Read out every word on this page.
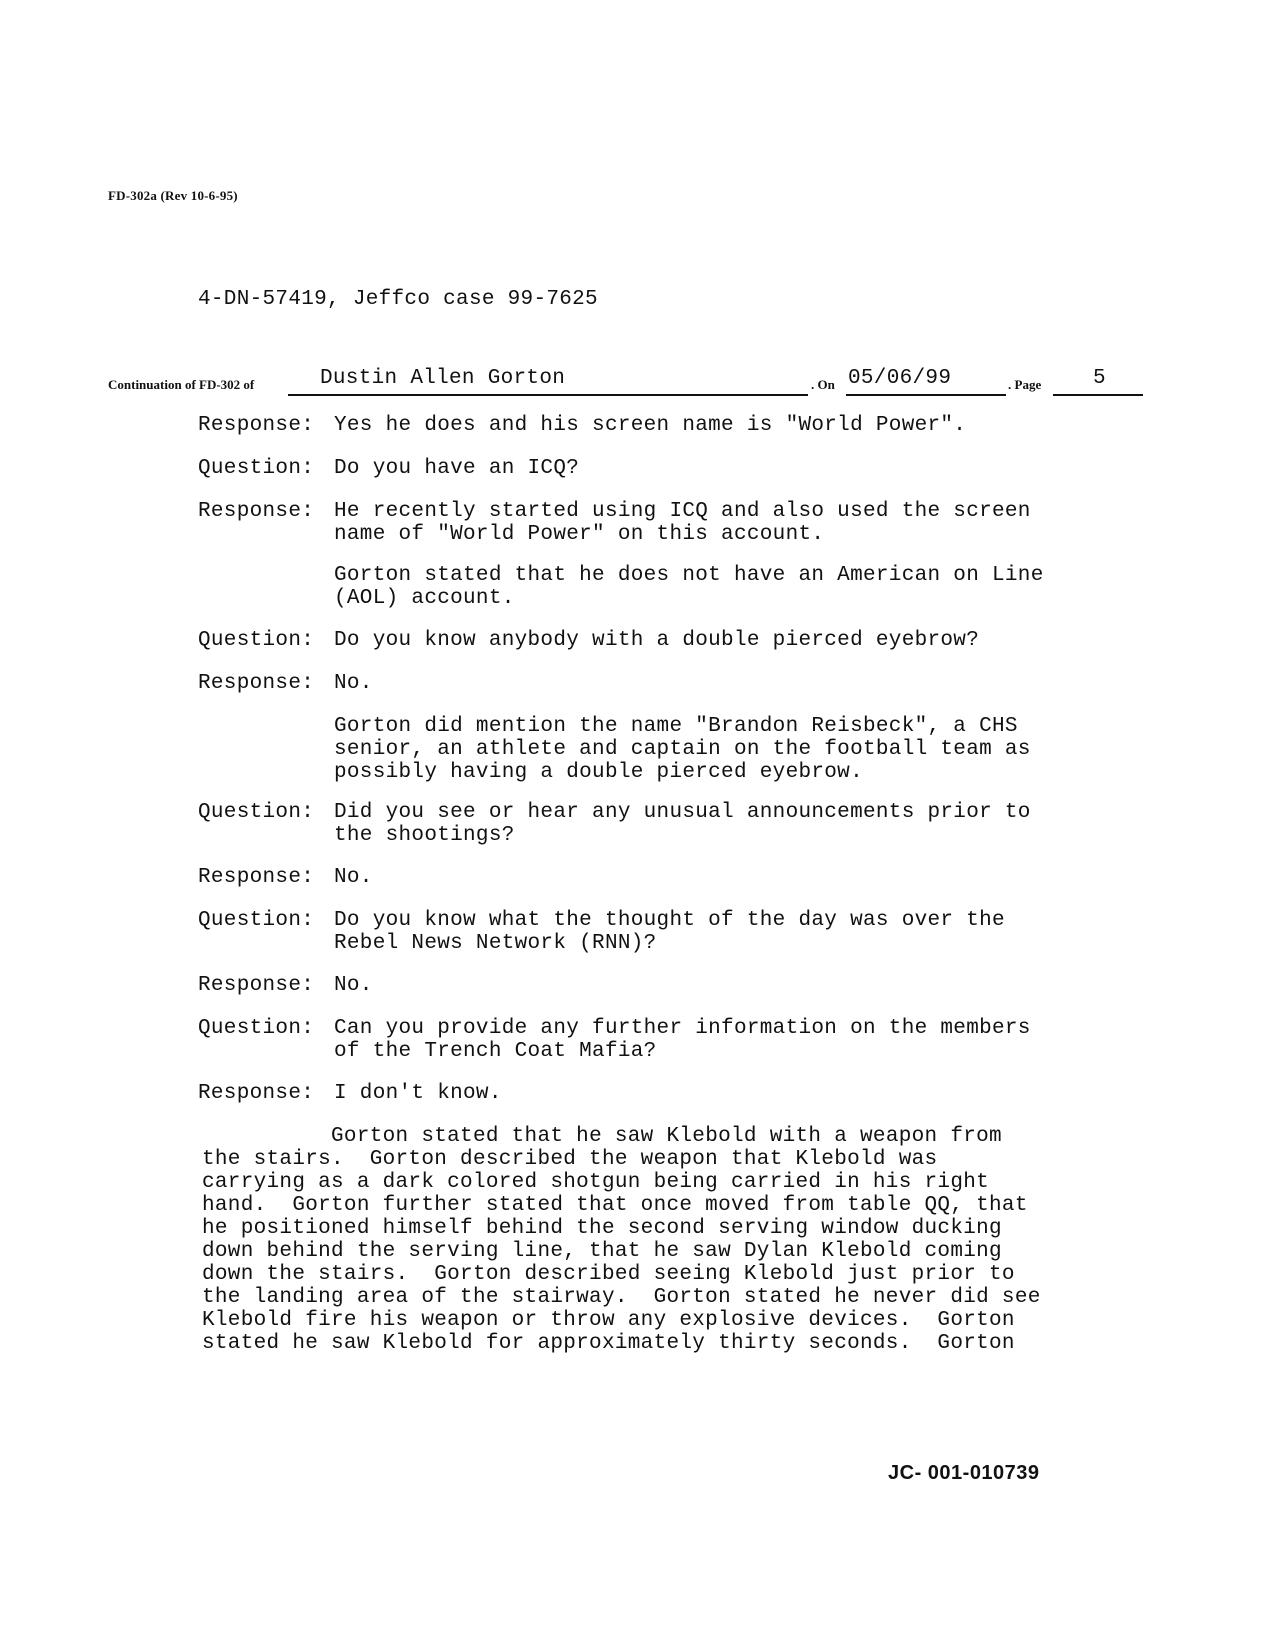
FD-302a (Rev 10-6-95)
4-DN-57419, Jeffco case 99-7625
Continuation of FD-302 of	Dustin Allen Gorton	. On 05/06/99	. Page 5
Response: Yes he does and his screen name is "World Power".
Question: Do you have an ICQ?
Response: He recently started using ICQ and also used the screen
name of "World Power" on this account.
Gorton stated that he does not have an American on Line
(AOL) account.
Question: Do you know anybody with a double pierced eyebrow?
Response: No.
Gorton did mention the name "Brandon Reisbeck", a CHS
senior, an athlete and captain on the football team as
possibly having a double pierced eyebrow.
Question: Did you see or hear any unusual announcements prior to
the shootings?
Response: No.
Question: Do you know what the thought of the day was over the
Rebel News Network (RNN)?
Response: No.
Question: Can you provide any further information on the members
of the Trench Coat Mafia?
Response: I don't know.
Gorton stated that he saw Klebold with a weapon from
the stairs.  Gorton described the weapon that Klebold was
carrying as a dark colored shotgun being carried in his right
hand.  Gorton further stated that once moved from table QQ, that
he positioned himself behind the second serving window ducking
down behind the serving line, that he saw Dylan Klebold coming
down the stairs.  Gorton described seeing Klebold just prior to
the landing area of the stairway.  Gorton stated he never did see
Klebold fire his weapon or throw any explosive devices.  Gorton
stated he saw Klebold for approximately thirty seconds.  Gorton
JC- 001-010739
